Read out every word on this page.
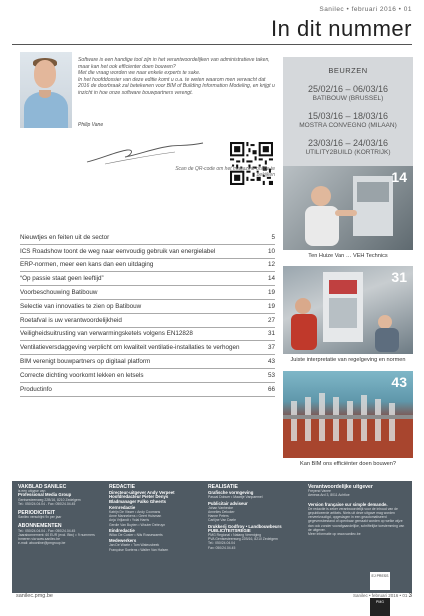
Sanilec • februari 2016 • 01
In dit nummer

Software is een handige tool zijn in het verantwoordelijken van administratieve taken, maar kan het ook efficienter doen bouwen?

Met die vraag worden we naar enkele experts te sake.

In het hoofddossier van deze editie komt u o.a. te weten waarom men verwacht dat 2016 de doorbraak zal betekenen voor BIM of Building Information Modeling, en krijgt u inzicht in hoe onze software bouwpartners verengt.

Philip Vane
Scan de QR-code om het magazine online te bekijken
BEURZEN
25/02/16 – 06/03/16
BATIBOUW (BRUSSEL)
15/03/16 – 18/03/16
MOSTRA CONVEGNO (MILAAN)
23/03/16 – 24/03/16
UTILITY2BUILD (KORTRIJK)
Nieuwtjes en feiten uit de sector	5
ICS Roadshow toont de weg naar eenvoudig gebruik van energielabel	10
ERP-normen, meer een kans dan een uitdaging	12
“Op passie staat geen leeftijd”	14
Voorbeschouwing Batibouw	19
Selectie van innovaties te zien op Batibouw	19
Roetafval is uw verantwoordelijkheid	27
Veiligheidsuitrusting van verwarmingsketels volgens EN12828	31
Ventilatieversdaggeving verplicht om kwaliteit ventilatie-installaties te verhogen	37
BIM verenigt bouwpartners op digitaal platform	43
Correcte dichting voorkomt lekken en letsels	53
Productinfo	66
14
Ten Huize Van … VEH Technics
31
Juiste interpretatie van regelgeving en normen
43
Kan BIM ons efficiënter doen bouwen?
VAKBLAD SANILEC
is een uitgave van
Professional Media Group
Gentsesteenweg 22B/16, 8210 Zedelgem
Tel.: 050/24.04.04 - Fax: 050/24.04.45
PERIODICITEIT
Sanilec verschijnt 9x per jaar
ABONNEMENTEN
Tel.: 050/24.04.04 - Fax: 050/24.04.45
Jaarabonnement: 60 EUR (excl. Btw) = 9 nummers
Inmeren via www.sanilec.be
e-mail: aboonline@pmgroup.be
REDACTIE
Directeur-uitgever Andy Verpeet
Hoofdredacteur Pieter Denys
Bladmanager Falko Gheerts
Kernredactie
Katrijn De Visser • Andy Coomans
Anne Mannekens • Geert Huisman
Anja Vrijlandt • Yolai Harris
Gerdie Van Buyten • Wouter Debruyn
Eindredactie
Wilco De Coster • Nils Rossewaerts
Medewerkers
Jan De Waele • Tom Wateusbeek
Françoise Soetens • Walter Van Halsen
REALISATIE
Grafische vormgeving
Pascal Dobuer • Maartje Vanpaemel
Publicitair adviseur
Johan Vanhecke
Annelies Dekoker
Hanne Peters
Carlijne Van Daele
Drukkerij Godfroy • Landbouwbeurs
PUBLICITEITSREGIE
PMG Regional • Natang Vereniging
PVA Gentsesteenweg 22B/16, 8210 Zedelgem
Tel.: 050/24.04.04
Fax: 050/24.04.45
Verantwoordelijke uitgever
Freyend Vanee
Aeneas Ard 3, 8011 Achtloe
Version française sur simple demande.
De redactie is zeker verantwoordelijk voor de inhoud van de gepubliceerde artikels. Niets uit deze uitgave mag worden verveelvoudigd, opgeslagen in een geautomatiseerd gegevensbestand of openbaar gemaakt worden op welke wijze dan ook zonder voorafgaandelijke, schriftelijke toestemming van de uitgever.
Meer informatie op www.sanilec.be
EJ PRESS PMG
sanilec.pmg.be	Sanilec • februari 2016 • 01 3
